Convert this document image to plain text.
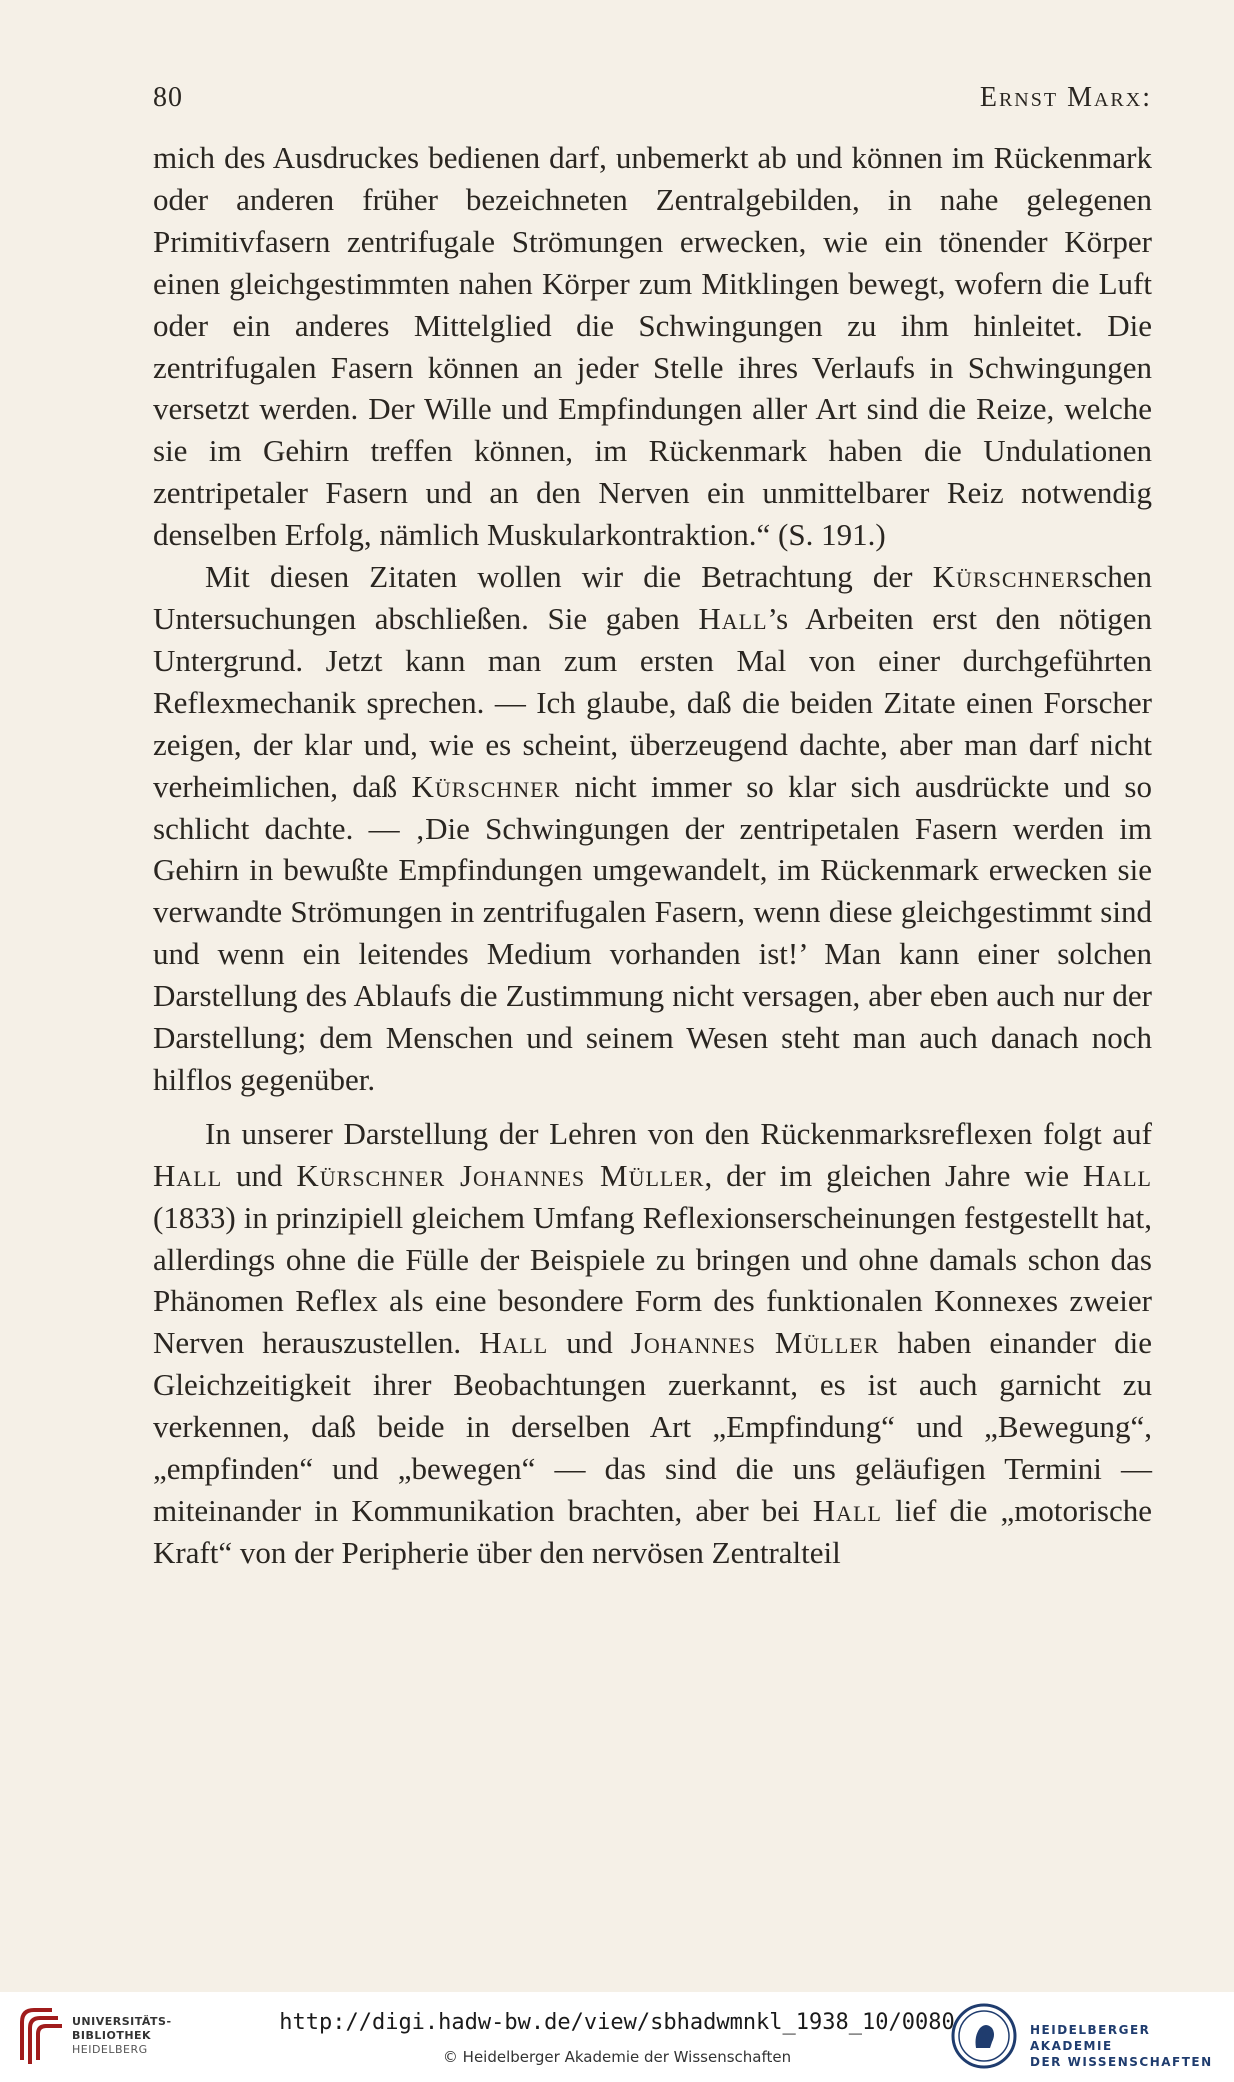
80	Ernst Marx:

mich des Ausdruckes bedienen darf, unbemerkt ab und können im Rückenmark oder anderen früher bezeichneten Zentralgebilden, in nahe gelegenen Primitivfasern zentrifugale Strömungen erwecken, wie ein tönender Körper einen gleichgestimmten nahen Körper zum Mitklingen bewegt, wofern die Luft oder ein anderes Mittelglied die Schwingungen zu ihm hinleitet. Die zentrifugalen Fasern können an jeder Stelle ihres Verlaufs in Schwingungen versetzt werden. Der Wille und Empfindungen aller Art sind die Reize, welche sie im Gehirn treffen können, im Rückenmark haben die Undulationen zentripetaler Fasern und an den Nerven ein unmittelbarer Reiz notwendig denselben Erfolg, nämlich Muskularkontraktion.“ (S. 191.)

Mit diesen Zitaten wollen wir die Betrachtung der Kürschnerschen Untersuchungen abschließen. Sie gaben Hall’s Arbeiten erst den nötigen Untergrund. Jetzt kann man zum ersten Mal von einer durchgeführten Reflexmechanik sprechen. — Ich glaube, daß die beiden Zitate einen Forscher zeigen, der klar und, wie es scheint, überzeugend dachte, aber man darf nicht verheimlichen, daß Kürschner nicht immer so klar sich ausdrückte und so schlicht dachte. — ‚Die Schwingungen der zentripetalen Fasern werden im Gehirn in bewußte Empfindungen umgewandelt, im Rückenmark erwecken sie verwandte Strömungen in zentrifugalen Fasern, wenn diese gleichgestimmt sind und wenn ein leitendes Medium vorhanden ist!’ Man kann einer solchen Darstellung des Ablaufs die Zustimmung nicht versagen, aber eben auch nur der Darstellung; dem Menschen und seinem Wesen steht man auch danach noch hilflos gegenüber.

In unserer Darstellung der Lehren von den Rückenmarksreflexen folgt auf Hall und Kürschner Johannes Müller, der im gleichen Jahre wie Hall (1833) in prinzipiell gleichem Umfang Reflexionserscheinungen festgestellt hat, allerdings ohne die Fülle der Beispiele zu bringen und ohne damals schon das Phänomen Reflex als eine besondere Form des funktionalen Konnexes zweier Nerven herauszustellen. Hall und Johannes Müller haben einander die Gleichzeitigkeit ihrer Beobachtungen zuerkannt, es ist auch garnicht zu verkennen, daß beide in derselben Art „Empfindung“ und „Bewegung“, „empfinden“ und „bewegen“ — das sind die uns geläufigen Termini — miteinander in Kommunikation brachten, aber bei Hall lief die „motorische Kraft“ von der Peripherie über den nervösen Zentralteil

UNIVERSITÄTS-
BIBLIOTHEK
HEIDELBERG
http://digi.hadw-bw.de/view/sbhadwmnkl_1938_10/0080
© Heidelberger Akademie der Wissenschaften
HEIDELBERGER AKADEMIE
DER WISSENSCHAFTEN
